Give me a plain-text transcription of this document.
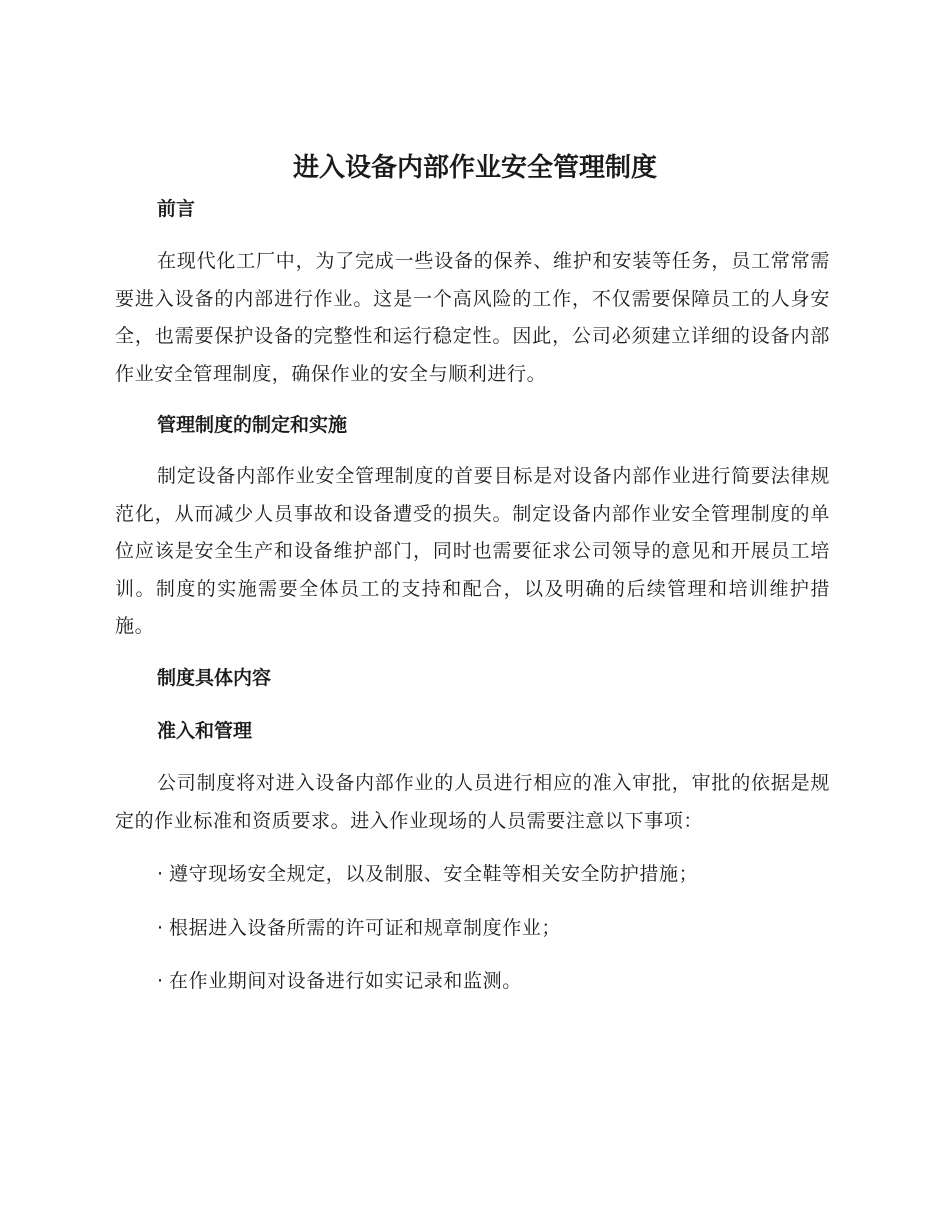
进入设备内部作业安全管理制度
前言

在现代化工厂中，为了完成一些设备的保养、维护和安装等任务，员工常常需要进入设备的内部进行作业。这是一个高风险的工作，不仅需要保障员工的人身安全，也需要保护设备的完整性和运行稳定性。因此，公司必须建立详细的设备内部作业安全管理制度，确保作业的安全与顺利进行。

管理制度的制定和实施

制定设备内部作业安全管理制度的首要目标是对设备内部作业进行简要法律规范化，从而减少人员事故和设备遭受的损失。制定设备内部作业安全管理制度的单位应该是安全生产和设备维护部门，同时也需要征求公司领导的意见和开展员工培训。制度的实施需要全体员工的支持和配合，以及明确的后续管理和培训维护措施。

制度具体内容
准入和管理

公司制度将对进入设备内部作业的人员进行相应的准入审批，审批的依据是规定的作业标准和资质要求。进入作业现场的人员需要注意以下事项：

· 遵守现场安全规定，以及制服、安全鞋等相关安全防护措施；

· 根据进入设备所需的许可证和规章制度作业；

· 在作业期间对设备进行如实记录和监测。
